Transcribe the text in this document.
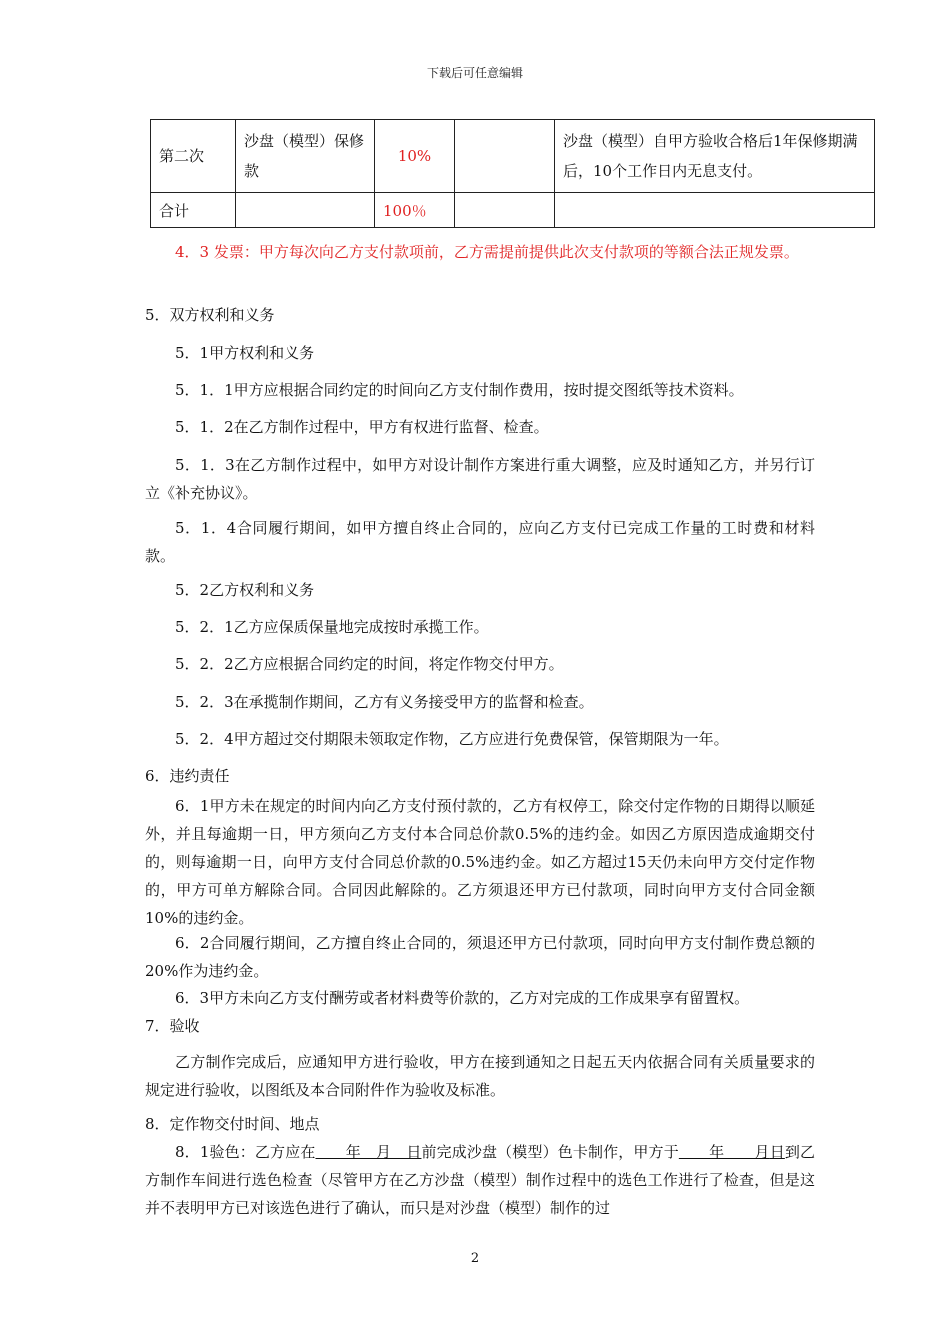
下载后可任意编辑
第二次	沙盘（模型）保修款	10%		沙盘（模型）自甲方验收合格后1年保修期满后，10个工作日内无息支付。
合计		100％		

4．3 发票：甲方每次向乙方支付款项前，乙方需提前提供此次支付款项的等额合法正规发票。

5．双方权利和义务

5．1甲方权利和义务

5．1．1甲方应根据合同约定的时间向乙方支付制作费用，按时提交图纸等技术资料。

5．1．2在乙方制作过程中，甲方有权进行监督、检查。

5．1．3在乙方制作过程中，如甲方对设计制作方案进行重大调整，应及时通知乙方，并另行订立《补充协议》。

5．1．4合同履行期间，如甲方擅自终止合同的，应向乙方支付已完成工作量的工时费和材料款。

5．2乙方权利和义务

5．2．1乙方应保质保量地完成按时承揽工作。

5．2．2乙方应根据合同约定的时间，将定作物交付甲方。

5．2．3在承揽制作期间，乙方有义务接受甲方的监督和检查。

5．2．4甲方超过交付期限未领取定作物，乙方应进行免费保管，保管期限为一年。

6．违约责任

6．1甲方未在规定的时间内向乙方支付预付款的，乙方有权停工，除交付定作物的日期得以顺延外，并且每逾期一日，甲方须向乙方支付本合同总价款0.5%的违约金。如因乙方原因造成逾期交付的，则每逾期一日，向甲方支付合同总价款的0.5%违约金。如乙方超过15天仍未向甲方交付定作物的，甲方可单方解除合同。合同因此解除的。乙方须退还甲方已付款项，同时向甲方支付合同金额10%的违约金。

6．2合同履行期间，乙方擅自终止合同的，须退还甲方已付款项，同时向甲方支付制作费总额的20%作为违约金。

6．3甲方未向乙方支付酬劳或者材料费等价款的，乙方对完成的工作成果享有留置权。

7．验收

乙方制作完成后，应通知甲方进行验收，甲方在接到通知之日起五天内依据合同有关质量要求的规定进行验收，以图纸及本合同附件作为验收及标准。

8．定作物交付时间、地点

8．1验色：乙方应在　　年　月　日前完成沙盘（模型）色卡制作，甲方于　　年　　月日到乙方制作车间进行选色检查（尽管甲方在乙方沙盘（模型）制作过程中的选色工作进行了检查，但是这并不表明甲方已对该选色进行了确认，而只是对沙盘（模型）制作的过

2
